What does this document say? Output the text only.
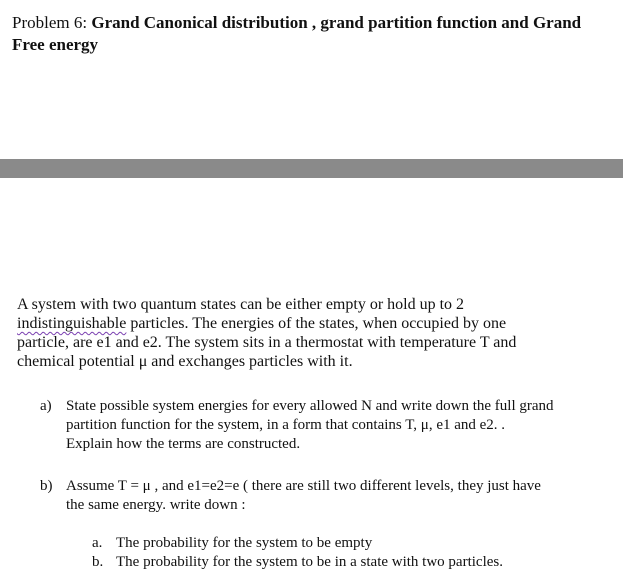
Problem 6: Grand Canonical distribution , grand partition function and Grand
Free energy
A system with two quantum states can be either empty or hold up to 2
indistinguishable particles. The energies of the states, when occupied by one
particle, are e1 and e2. The system sits in a thermostat with temperature T and
chemical potential μ and exchanges particles with it.
a) State possible system energies for every allowed N and write down the full grand
partition function for the system, in a form that contains T, μ, e1 and e2. .
Explain how the terms are constructed.
b) Assume T = μ , and e1=e2=e ( there are still two different levels, they just have
the same energy. write down :
a. The probability for the system to be empty
b. The probability for the system to be in a state with two particles.
